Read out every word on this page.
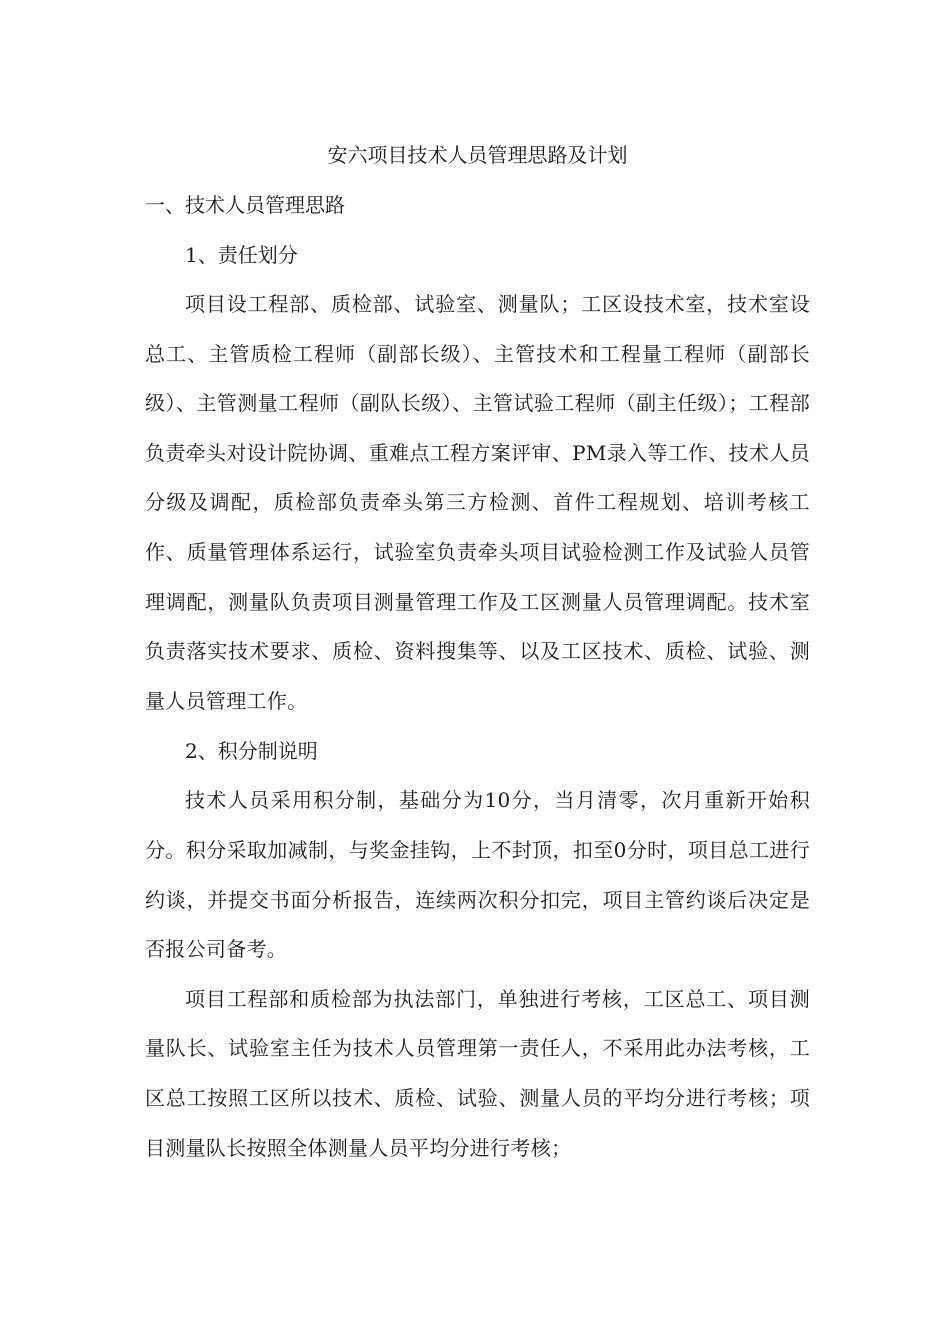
安六项目技术人员管理思路及计划

一、技术人员管理思路

1、责任划分

项目设工程部、质检部、试验室、测量队；工区设技术室，技术室设总工、主管质检工程师（副部长级）、主管技术和工程量工程师（副部长级）、主管测量工程师（副队长级）、主管试验工程师（副主任级）；工程部负责牵头对设计院协调、重难点工程方案评审、PM录入等工作、技术人员分级及调配，质检部负责牵头第三方检测、首件工程规划、培训考核工作、质量管理体系运行，试验室负责牵头项目试验检测工作及试验人员管理调配，测量队负责项目测量管理工作及工区测量人员管理调配。技术室负责落实技术要求、质检、资料搜集等、以及工区技术、质检、试验、测量人员管理工作。

2、积分制说明

技术人员采用积分制，基础分为10分，当月清零，次月重新开始积分。积分采取加减制，与奖金挂钩，上不封顶，扣至0分时，项目总工进行约谈，并提交书面分析报告，连续两次积分扣完，项目主管约谈后决定是否报公司备考。

项目工程部和质检部为执法部门，单独进行考核，工区总工、项目测量队长、试验室主任为技术人员管理第一责任人，不采用此办法考核，工区总工按照工区所以技术、质检、试验、测量人员的平均分进行考核；项目测量队长按照全体测量人员平均分进行考核；
